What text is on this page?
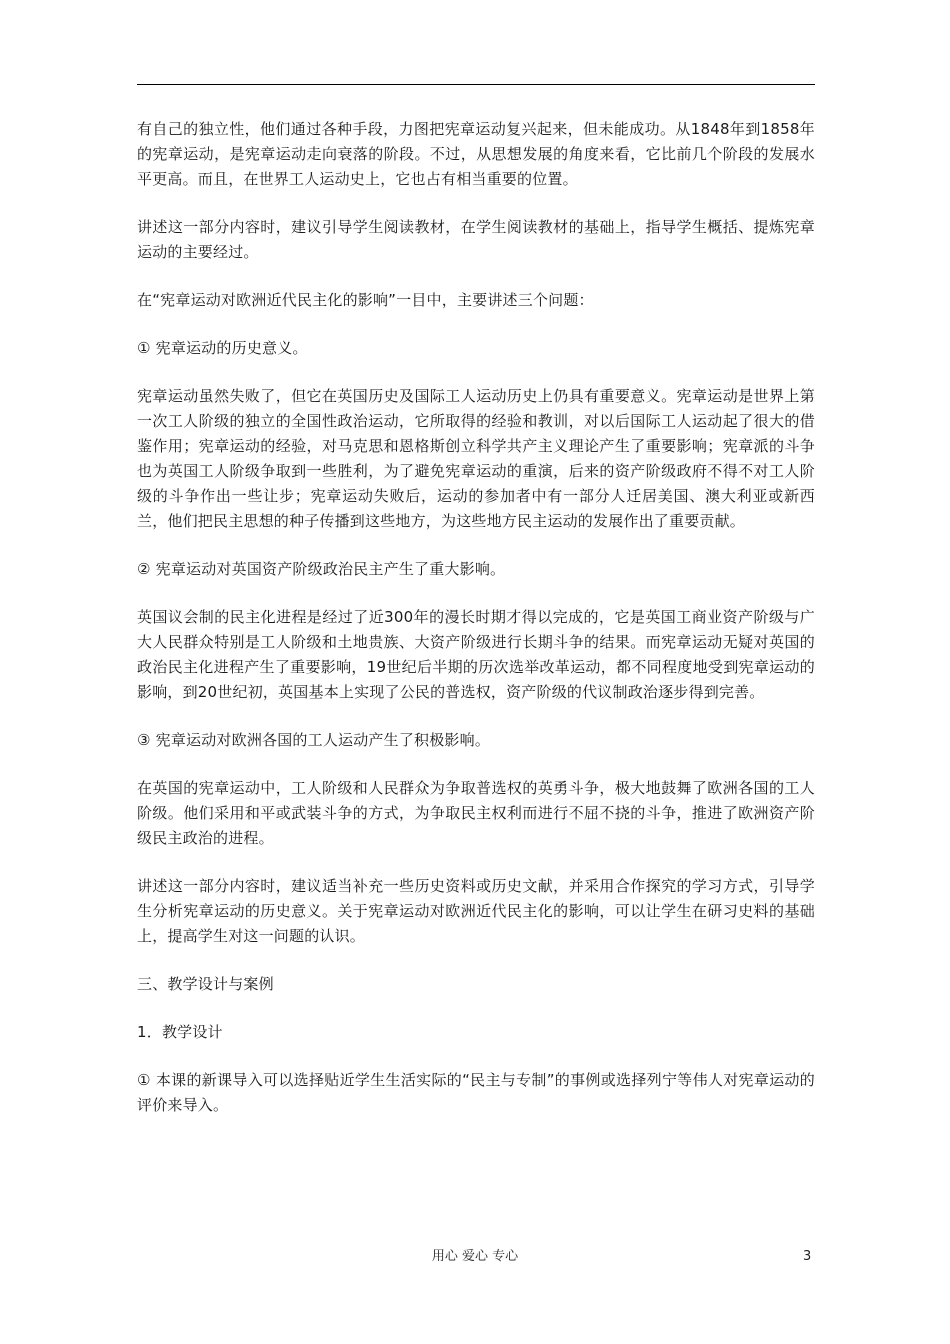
有自己的独立性，他们通过各种手段，力图把宪章运动复兴起来，但未能成功。从1848年到1858年的宪章运动，是宪章运动走向衰落的阶段。不过，从思想发展的角度来看，它比前几个阶段的发展水平更高。而且，在世界工人运动史上，它也占有相当重要的位置。

讲述这一部分内容时，建议引导学生阅读教材，在学生阅读教材的基础上，指导学生概括、提炼宪章运动的主要经过。

在“宪章运动对欧洲近代民主化的影响”一目中，主要讲述三个问题：

① 宪章运动的历史意义。

宪章运动虽然失败了，但它在英国历史及国际工人运动历史上仍具有重要意义。宪章运动是世界上第一次工人阶级的独立的全国性政治运动，它所取得的经验和教训，对以后国际工人运动起了很大的借鉴作用；宪章运动的经验，对马克思和恩格斯创立科学共产主义理论产生了重要影响；宪章派的斗争也为英国工人阶级争取到一些胜利，为了避免宪章运动的重演，后来的资产阶级政府不得不对工人阶级的斗争作出一些让步；宪章运动失败后，运动的参加者中有一部分人迁居美国、澳大利亚或新西兰，他们把民主思想的种子传播到这些地方，为这些地方民主运动的发展作出了重要贡献。

② 宪章运动对英国资产阶级政治民主产生了重大影响。

英国议会制的民主化进程是经过了近300年的漫长时期才得以完成的，它是英国工商业资产阶级与广大人民群众特别是工人阶级和土地贵族、大资产阶级进行长期斗争的结果。而宪章运动无疑对英国的政治民主化进程产生了重要影响，19世纪后半期的历次选举改革运动，都不同程度地受到宪章运动的影响，到20世纪初，英国基本上实现了公民的普选权，资产阶级的代议制政治逐步得到完善。

③ 宪章运动对欧洲各国的工人运动产生了积极影响。

在英国的宪章运动中，工人阶级和人民群众为争取普选权的英勇斗争，极大地鼓舞了欧洲各国的工人阶级。他们采用和平或武装斗争的方式，为争取民主权利而进行不屈不挠的斗争，推进了欧洲资产阶级民主政治的进程。

讲述这一部分内容时，建议适当补充一些历史资料或历史文献，并采用合作探究的学习方式，引导学生分析宪章运动的历史意义。关于宪章运动对欧洲近代民主化的影响，可以让学生在研习史料的基础上，提高学生对这一问题的认识。

三、教学设计与案例

1．教学设计

① 本课的新课导入可以选择贴近学生生活实际的“民主与专制”的事例或选择列宁等伟人对宪章运动的评价来导入。

用心 爱心 专心	3
